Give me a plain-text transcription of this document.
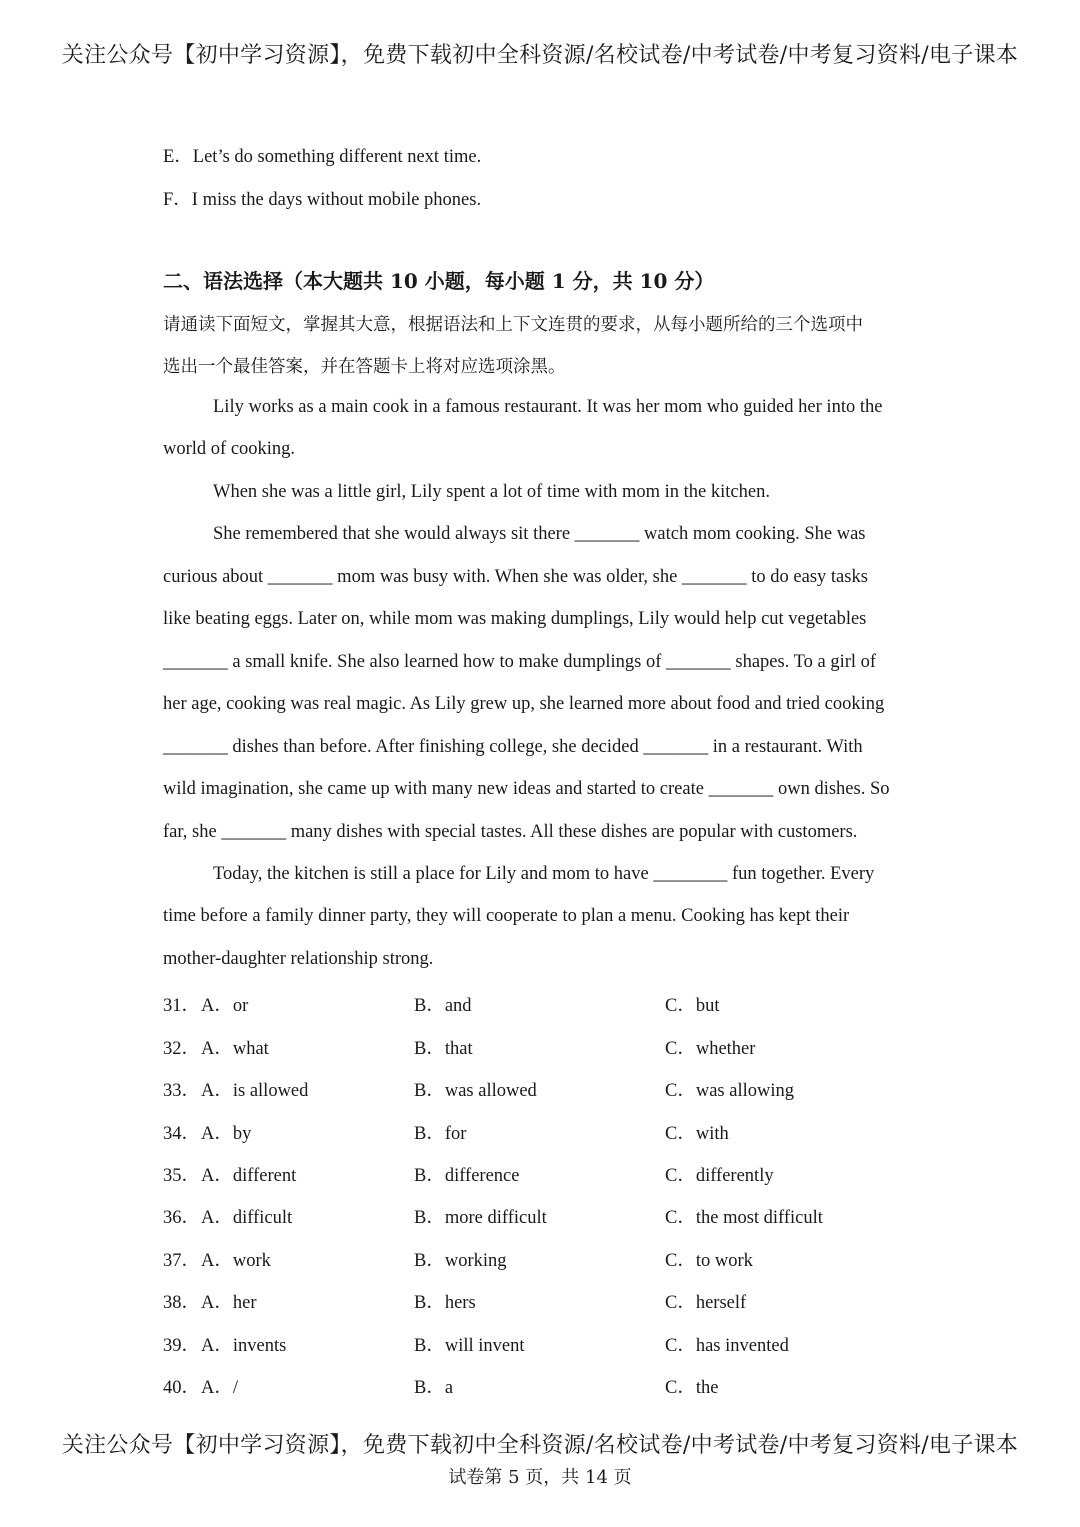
关注公众号【初中学习资源】，免费下载初中全科资源/名校试卷/中考试卷/中考复习资料/电子课本
E．Let’s do something different next time.
F．I miss the days without mobile phones.
二、语法选择（本大题共 10 小题，每小题 1 分，共 10 分）
请通读下面短文，掌握其大意，根据语法和上下文连贯的要求，从每小题所给的三个选项中
选出一个最佳答案，并在答题卡上将对应选项涂黑。
Lily works as a main cook in a famous restaurant. It was her mom who guided her into the
world of cooking.
When she was a little girl, Lily spent a lot of time with mom in the kitchen.
She remembered that she would always sit there _______ watch mom cooking. She was
curious about _______ mom was busy with. When she was older, she _______ to do easy tasks
like beating eggs. Later on, while mom was making dumplings, Lily would help cut vegetables
_______ a small knife. She also learned how to make dumplings of _______ shapes. To a girl of
her age, cooking was real magic. As Lily grew up, she learned more about food and tried cooking
_______ dishes than before. After finishing college, she decided _______ in a restaurant. With
wild imagination, she came up with many new ideas and started to create _______ own dishes. So
far, she _______ many dishes with special tastes. All these dishes are popular with customers.
Today, the kitchen is still a place for Lily and mom to have ________ fun together. Every
time before a family dinner party, they will cooperate to plan a menu. Cooking has kept their
mother-daughter relationship strong.
31． A．or	B．and	C．but
32． A．what	B．that	C．whether
33． A．is allowed	B．was allowed	C．was allowing
34． A．by	B．for	C．with
35． A．different	B．difference	C．differently
36． A．difficult	B．more difficult	C．the most difficult
37． A．work	B．working	C．to work
38． A．her	B．hers	C．herself
39． A．invents	B．will invent	C．has invented
40． A．/	B．a	C．the
关注公众号【初中学习资源】，免费下载初中全科资源/名校试卷/中考试卷/中考复习资料/电子课本
试卷第 5 页，共 14 页
